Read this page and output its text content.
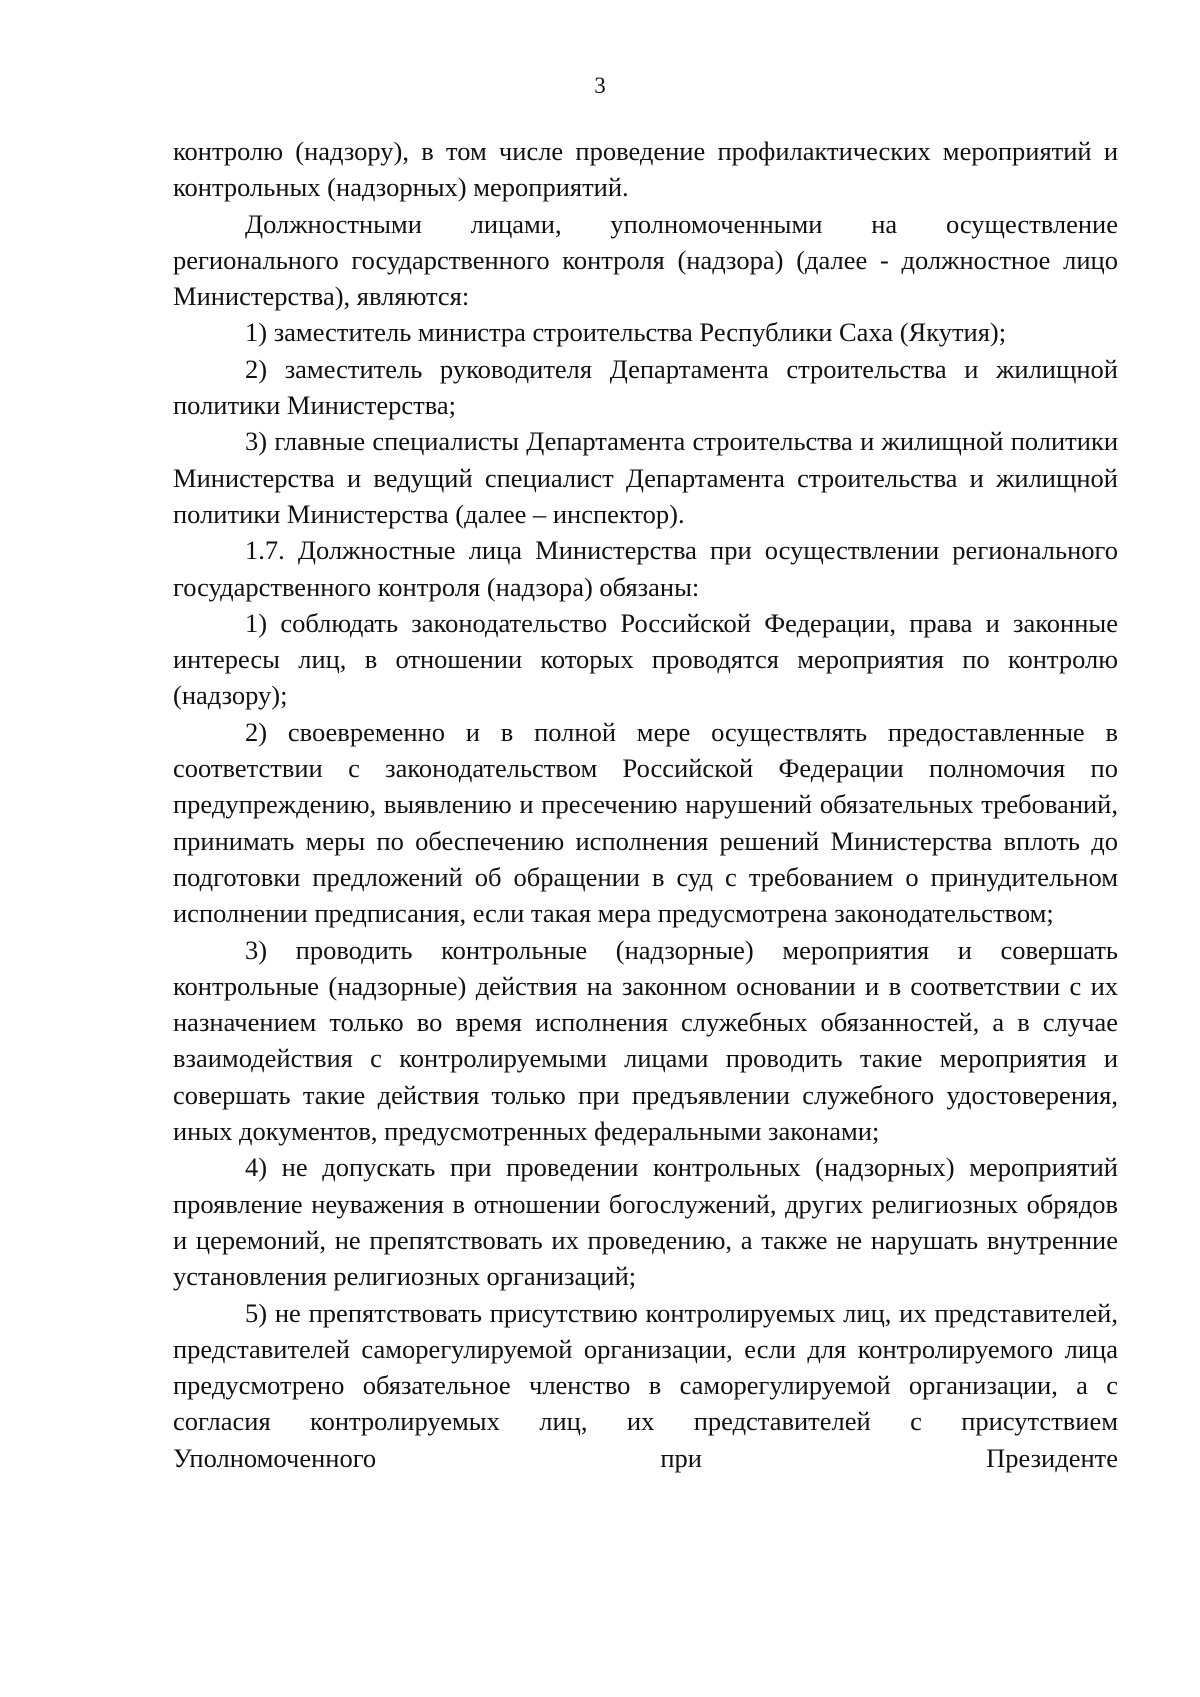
3

контролю (надзору), в том числе проведение профилактических мероприятий и контрольных (надзорных) мероприятий.

Должностными лицами, уполномоченными на осуществление регионального государственного контроля (надзора) (далее - должностное лицо Министерства), являются:

1) заместитель министра строительства Республики Саха (Якутия);

2) заместитель руководителя Департамента строительства и жилищной политики Министерства;

3) главные специалисты Департамента строительства и жилищной политики Министерства и ведущий специалист Департамента строительства и жилищной политики Министерства (далее – инспектор).

1.7. Должностные лица Министерства при осуществлении регионального государственного контроля (надзора) обязаны:

1) соблюдать законодательство Российской Федерации, права и законные интересы лиц, в отношении которых проводятся мероприятия по контролю (надзору);

2) своевременно и в полной мере осуществлять предоставленные в соответствии с законодательством Российской Федерации полномочия по предупреждению, выявлению и пресечению нарушений обязательных требований, принимать меры по обеспечению исполнения решений Министерства вплоть до подготовки предложений об обращении в суд с требованием о принудительном исполнении предписания, если такая мера предусмотрена законодательством;

3) проводить контрольные (надзорные) мероприятия и совершать контрольные (надзорные) действия на законном основании и в соответствии с их назначением только во время исполнения служебных обязанностей, а в случае взаимодействия с контролируемыми лицами проводить такие мероприятия и совершать такие действия только при предъявлении служебного удостоверения, иных документов, предусмотренных федеральными законами;

4) не допускать при проведении контрольных (надзорных) мероприятий проявление неуважения в отношении богослужений, других религиозных обрядов и церемоний, не препятствовать их проведению, а также не нарушать внутренние установления религиозных организаций;

5) не препятствовать присутствию контролируемых лиц, их представителей, представителей саморегулируемой организации, если для контролируемого лица предусмотрено обязательное членство в саморегулируемой организации, а с согласия контролируемых лиц, их представителей с присутствием Уполномоченного при Президенте
